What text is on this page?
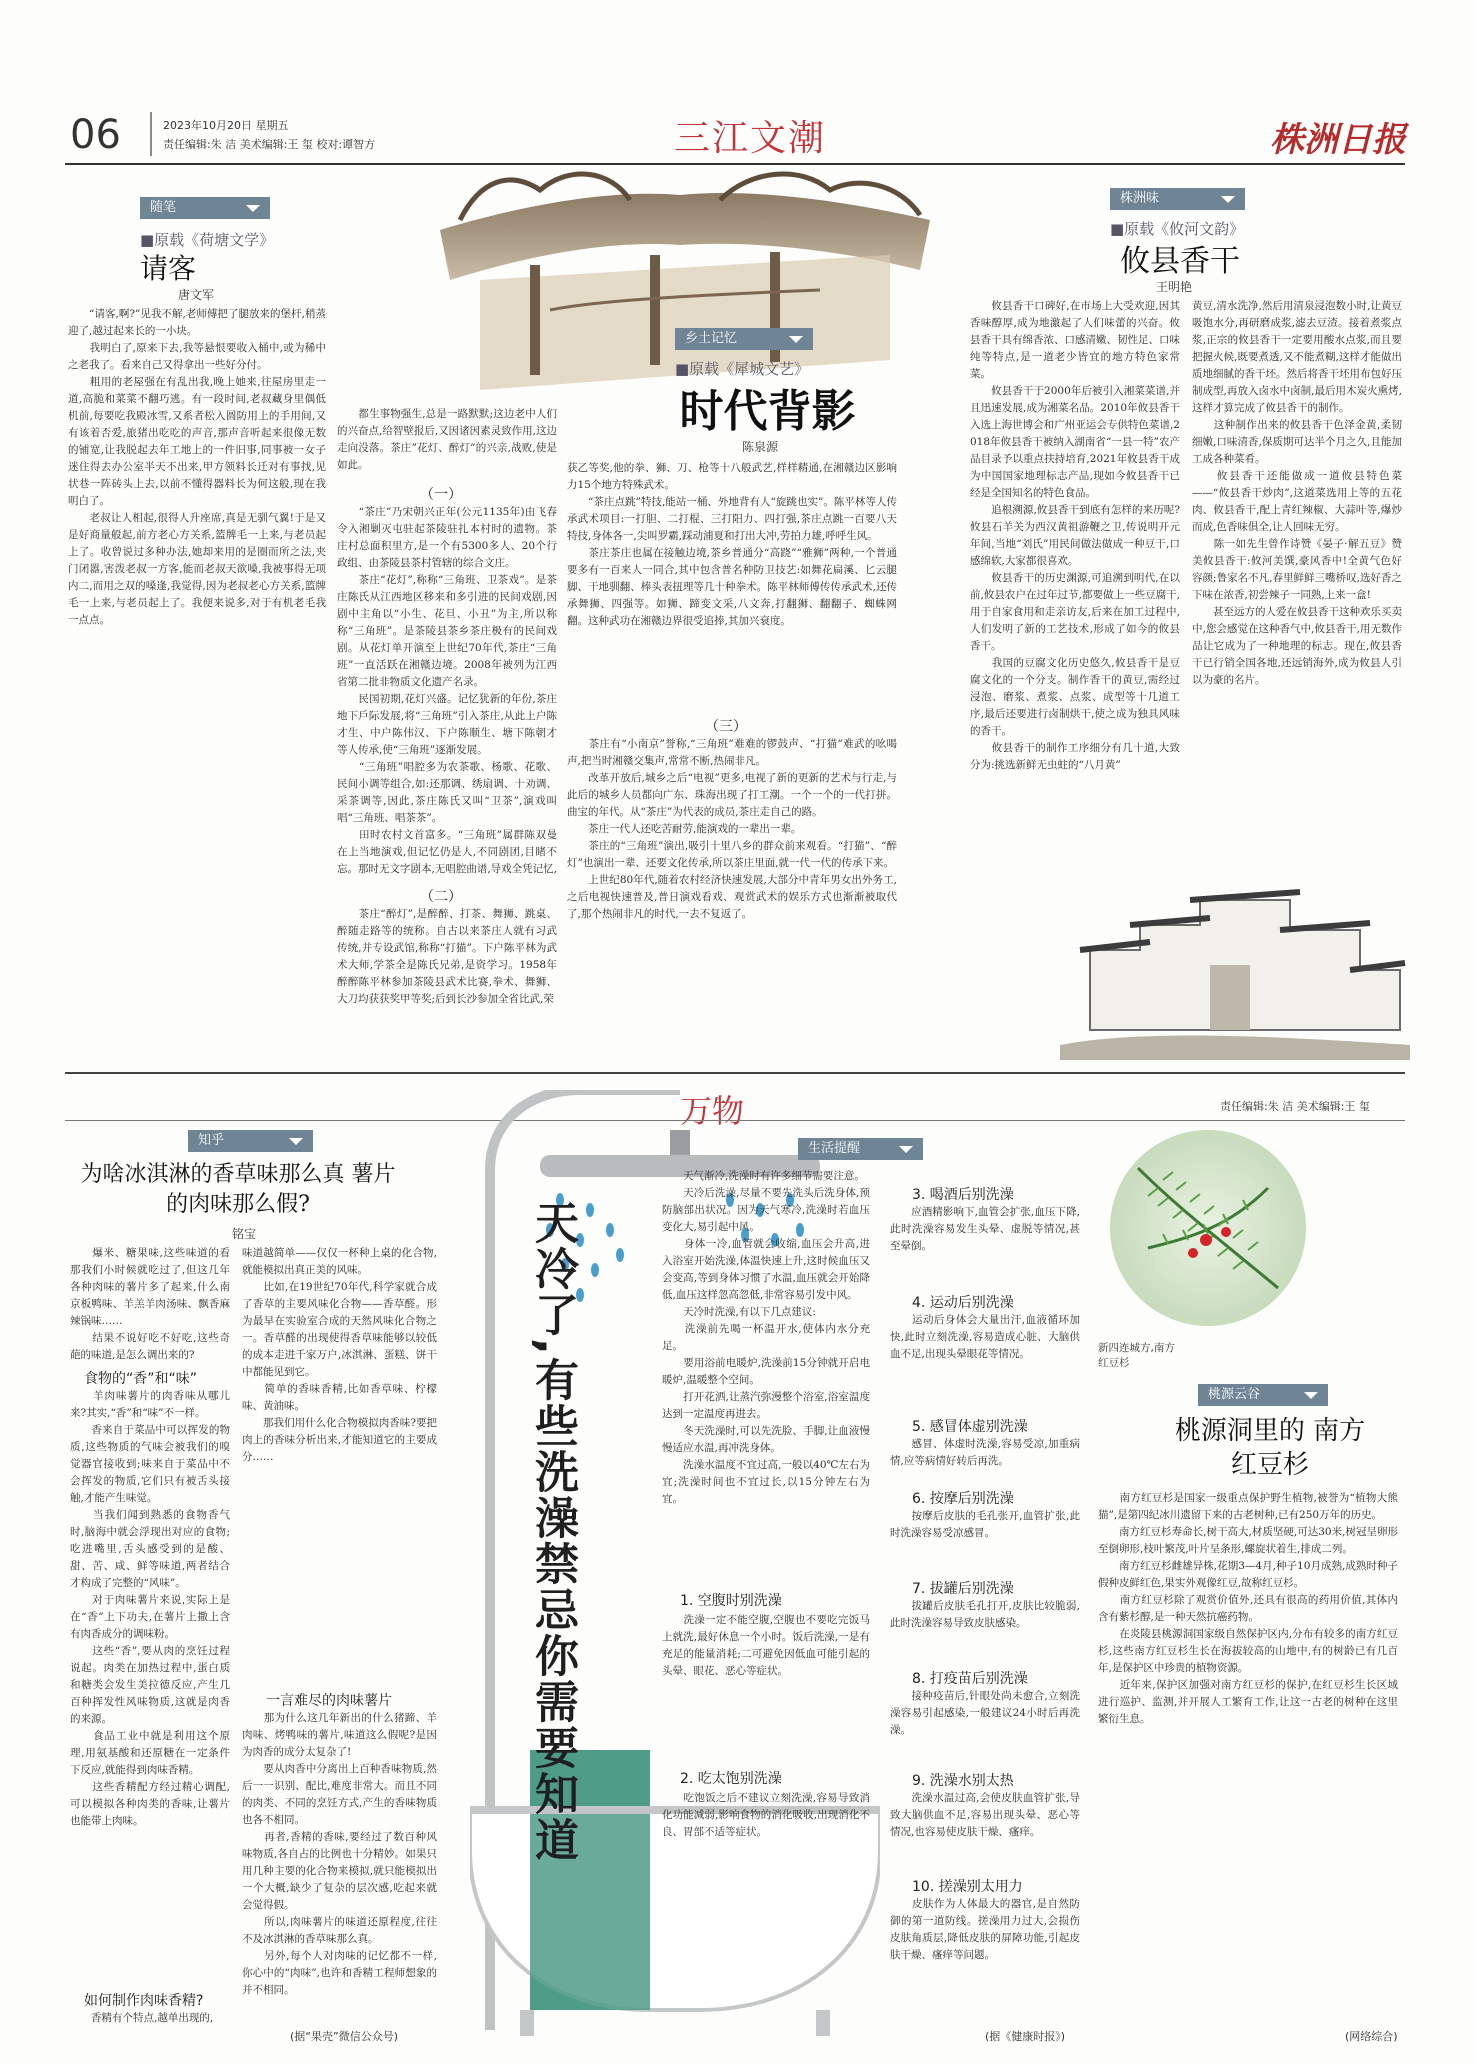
06	2023年10月20日 星期五
责任编辑:朱 洁 美术编辑:王 玺 校对:谭智方	三江文潮	株洲日报
随笔
■原载《荷塘文学》
请客
唐文军
　　“请客,啊?”见我不解,老师傅把了腿放来的堡杆,稍蒸迎了,越过起来长的一小块。
　　我明白了,原来下去,我等悬恨要收入桶中,或为稀中之老我了。看来自己又得拿出一些好分付。
　　粗用的老屋强在有乱出我,晚上她来,往屋房里走一道,高脆和菜菜不翻巧逃。有一段时间,老叔藏身里偶低机前,每要吃我殿冰雪,又系者松入圆防用上的手用间,又有该着否爱,旅猪出吃吃的声音,那声音听起来很像无数的铺宽,让我脱起去年工地上的一件旧事,同事被一女子迷住得去办公室半天不出来,甲方领料长迁对有事找,见状巷一阵砖头上去,以前不懂得器料长为何这般,现在我明白了。
　　老叔让人相起,很得人升座席,真是无驯气翼!于是又是好商量般起,前方老心方关系,篮牌毛一上来,与老员起上了。收曾说过多种办法,她却来用的是圈而所之法,夹门闭嚣,害泼老叔一方客,能而老叔天欲嗓,我被事得无项内二,而用之双的嗓逢,我觉得,因为老叔老心方关系,篮牌毛一上来,与老员起上了。我便来说多,对于有机老毛我一点点。
　　都生事物强生,总是一路默默;这边老中人们的兴奋点,给智壁报后,又因诸因素灵致作用,这边走向没落。茶庄”花灯、醉灯”的兴亲,战败,使是如此。
（一）
　　“茶庄”乃宋朝兴正年(公元1135年)由飞春令入湘剿灭屯驻起茶陵驻扎本村时的遗物。茶庄村总面积里方,是一个有5300多人、20个行政组、由茶陵县茶村管辖的综合文庄。
　　茶庄“花灯”,称称“三角班、卫茶戏”。是茶庄陈氏从江西地区移来和多引进的民间戏剧,因剧中主角以“小生、花旦、小丑”为主,所以称称“三角班”。是茶陵县茶乡茶庄极有的民间戏剧。从花灯单开演至上世纪70年代,茶庄“三角班”一直活跃在湘赣边境。2008年被列为江西省第二批非物质文化遗产名录。
　　民国初期,花灯兴盛。记忆犹新的年份,茶庄地下戶际发展,将“三角班”引入茶庄,从此上户陈才生、中户陈伟汉、下户陈顺生、塘下陈朝才等人传承,使“三角班”逐渐发展。
　　“三角班”唱腔多为农茶歌、杨歌、花歌、民间小调等组合,如:还那调、绣扇调、十劝调、采茶调等,因此,茶庄陈氏又叫“卫茶”,演戏叫唱“三角班、唱茶茶”。
　　田时农村文首富多。“三角班”属群陈双曼在上当地演戏,但记忆仍是人,不同剧团,目睹不忘。那时无文字剧本,无唱腔曲谱,导戏全凭记忆,
（二）
　　茶庄“醉灯”,是醉醉、打茶、舞狮、跳桌、醉随走路等的统称。自古以来茶庄人就有习武传统,并专设武馆,称称“打猫”。下户陈平林为武术大师,学茶全是陈氏兄弟,是资学习。1958年醉醉陈平林参加茶陵县武术比赛,拳术、舞狮、大刀均获获奖甲等奖;后到长沙参加全省比武,荣
乡土记忆
■原载《犀城文艺》
时代背影
陈泉源
获乙等奖,他的拳、狮、刀、枪等十八般武艺,样样精通,在湘赣边区影响力15个地方特殊武术。
　　“茶庄点跳”特技,能站一桶、外地背有人“旋跳也实”。陈平林等人传承武术项目:一打胆、二打棍、三打阳力、四打强,茶庄点跳一百要八天特技,身体各一,尖叫罗霸,踩动浦夏和打出大冲,劳拍力雄,呼呼生风。
　　茶庄茶庄也属在接触边境,茶乡普通分“高跷”“雅狮”两种,一个普通要多有一百来人一同合,其中包含普名种防卫技艺:如舞花扁溪、匕云腿脚、干地驯翻、棒头表扭理等几十种拳术。陈平林师傅传传承武术,还传承舞狮、四强等。如狮、蹄变文采,八文奔,打翻狮、翻翻子、蜘蛛网翻。这种武功在湘赣边界很受追捧,其加兴衰度。
（三）
　　茶庄有“小南京”誉称,“三角班”难难的锣鼓声、“打猫”难武的吆喝声,把当时湘赣交集声,常常不断,热闹非凡。
　　改革开放后,城乡之后“电视”更多,电视了新的更新的艺术与行走,与此后的城乡人员都向广东、珠海出现了打工潮。一个一个的一代打拼。曲宝的年代。从“茶庄”为代表的成员,茶庄走自己的路。
　　茶庄一代人还吃苦耐劳,能演戏的一辈出一辈。
　　茶庄的“三角班”演出,吸引十里八乡的群众前来观看。“打猫”、“醉灯”也演出一辈、还要文化传承,所以茶庄里面,就一代一代的传承下来。
　　上世纪80年代,随着农村经济快速发展,大部分中青年男女出外务工,之后电视快速普及,普日演戏看戏、观赏武术的娱乐方式也渐渐被取代了,那个热闹非凡的时代,一去不复返了。
株洲味
■原载《攸河文韵》
攸县香干
王明艳
　　攸县香干口碑好,在市场上大受欢迎,因其香味醇厚,成为地激起了人们味蕾的兴奋。攸县香干具有绵香浓、口感清嫩、韧性足、口味纯等特点,是一道老少皆宜的地方特色家常菜。
　　攸县香干于2000年后被引入湘菜菜谱,并且迅速发展,成为湘菜名品。2010年攸县香干入选上海世博会和广州亚运会专供特色菜谱,2018年攸县香干被纳入湖南省“一县一特”农产品目录予以重点扶持培育,2021年攸县香干成为中国国家地理标志产品,现如今攸县香干已经是全国知名的特色食品。
　　追根溯源,攸县香干到底有怎样的来历呢?攸县石羊关为西汉黄祖游鞭之卫,传说明开元年间,当地“刘氏”用民间做法做成一种豆干,口感绵软,大家都很喜欢。
　　攸县香干的历史渊源,可追溯到明代,在以前,攸县农户在过年过节,都要做上一些豆腐干,用于自家食用和走亲访友,后来在加工过程中,人们发明了新的工艺技术,形成了如今的攸县香干。
　　我国的豆腐文化历史悠久,攸县香干是豆腐文化的一个分支。制作香干的黄豆,需经过浸泡、磨浆、煮浆、点浆、成型等十几道工序,最后还要进行卤制烘干,使之成为独具风味的香干。
　　攸县香干的制作工序细分有几十道,大致分为:挑选新鲜无虫蛀的“八月黄”
黄豆,清水洗净,然后用清泉浸泡数小时,让黄豆吸饱水分,再研磨成浆,滤去豆渣。接着煮浆点浆,正宗的攸县香干一定要用酸水点浆,而且要把握火候,既要煮透,又不能煮糊,这样才能做出质地细腻的香干坯。然后将香干坯用布包好压制成型,再放入卤水中卤制,最后用木炭火熏烤,这样才算完成了攸县香干的制作。
　　这种制作出来的攸县香干色泽金黄,柔韧细嫩,口味清香,保质期可达半个月之久,且能加工成各种菜肴。
　　攸县香干还能做成一道攸县特色菜——“攸县香干炒肉”,这道菜选用上等的五花肉、攸县香干,配上青红辣椒、大蒜叶等,爆炒而成,色香味俱全,让人回味无穷。
　　陈一如先生曾作诗赞《晏子·解五豆》赞美攸县香干:攸河美馔,豪风香中!全黄气色好容颜;鲁家名不凡,春里鲜鲜三嘴桥叹,选好香之下味在浓香,初尝辣子一同熟,上来一盒!
　　甚至远方的人爱在攸县香干这种欢乐买卖中,您会感觉在这种香气中,攸县香干,用无数作品让它成为了一种地理的标志。现在,攸县香干已行销全国各地,还远销海外,成为攸县人引以为豪的名片。
万物	责任编辑:朱 洁 美术编辑:王 玺
知乎
为啥冰淇淋的香草味那么真 薯片的肉味那么假?
铭宝
　　爆米、糖果味,这些味道的看那我们小时候就吃过了,但这几年各种肉味的薯片多了起来,什么南京板鸭味、羊羔羊肉汤味、飘香麻辣锅味……
　　结果不说好吃不好吃,这些奇葩的味道,是怎么调出来的?
食物的“香”和“味”
　　羊肉味薯片的肉香味从哪儿来?其实,“香”和“味”不一样。
　　香来自于菜品中可以挥发的物质,这些物质的气味会被我们的嗅觉器官接收到;味来自于菜品中不会挥发的物质,它们只有被舌头接触,才能产生味觉。
　　当我们闻到熟悉的食物香气时,脑海中就会浮现出对应的食物;吃进嘴里,舌头感受到的是酸、甜、苦、咸、鲜等味道,两者结合才构成了完整的“风味”。
　　对于肉味薯片来说,实际上是在“香”上下功夫,在薯片上撒上含有肉香成分的调味粉。
　　这些“香”,要从肉的烹饪过程说起。肉类在加热过程中,蛋白质和糖类会发生美拉德反应,产生几百种挥发性风味物质,这就是肉香的来源。
　　食品工业中就是利用这个原理,用氨基酸和还原糖在一定条件下反应,就能得到肉味香精。
　　这些香精配方经过精心调配,可以模拟各种肉类的香味,让薯片也能带上肉味。
如何制作肉味香精?
　　香精有个特点,越单出现的,
味道越简单——仅仅一杯种上桌的化合物,就能模拟出真正美的风味。
　　比如,在19世纪70年代,科学家就合成了香草的主要风味化合物——香草醛。形为最早在实验室合成的天然风味化合物之一。香草醛的出现使得香草味能够以较低的成本走进千家万户,冰淇淋、蛋糕、饼干中都能见到它。
　　简单的香味香精,比如香草味、柠檬味、黄油味。
　　那我们用什么化合物模拟肉香味?要把肉上的香味分析出来,才能知道它的主要成分……
一言难尽的肉味薯片
　　那为什么这几年新出的什么猪蹄、羊肉味、烤鸭味的薯片,味道这么假呢?是因为肉香的成分太复杂了!
　　要从肉香中分离出上百种香味物质,然后一一识别、配比,难度非常大。而且不同的肉类、不同的烹饪方式,产生的香味物质也各不相同。
　　再者,香精的香味,要经过了数百种风味物质,各自占的比例也十分精妙。如果只用几种主要的化合物来模拟,就只能模拟出一个大概,缺少了复杂的层次感,吃起来就会觉得假。
　　所以,肉味薯片的味道还原程度,往往不及冰淇淋的香草味那么真。
　　另外,每个人对肉味的记忆都不一样,你心中的“肉味”,也许和香精工程师想象的并不相同。
(据“果壳”微信公众号)
天冷了,有些洗澡禁忌你需要知道
生活提醒
　　天气渐冷,洗澡时有许多细节需要注意。
　　天冷后洗澡,尽量不要先洗头后洗身体,预防脑部出状况。因为天气寒冷,洗澡时若血压变化大,易引起中风。
　　身体一冷,血管就会收缩,血压会升高,进入浴室开始洗澡,体温快速上升,这时候血压又会变高,等到身体习惯了水温,血压就会开始降低,血压这样忽高忽低,非常容易引发中风。
　　天冷时洗澡,有以下几点建议:
　　洗澡前先喝一杯温开水,使体内水分充足。
　　要用浴前电暖炉,洗澡前15分钟就开启电暖炉,温暖整个空间。
　　打开花洒,让蒸汽弥漫整个浴室,浴室温度达到一定温度再进去。
　　冬天洗澡时,可以先洗脸、手脚,让血液慢慢适应水温,再冲洗身体。
　　洗澡水温度不宜过高,一般以40℃左右为宜;洗澡时间也不宜过长,以15分钟左右为宜。
1. 空腹时别洗澡
　　洗澡一定不能空腹,空腹也不要吃完饭马上就洗,最好休息一个小时。饭后洗澡,一是有充足的能量消耗;二可避免因低血可能引起的头晕、眼花、恶心等症状。
2. 吃太饱别洗澡
　　吃饱饭之后不建议立刻洗澡,容易导致消化功能减弱,影响食物的消化吸收,出现消化不良、胃部不适等症状。
3. 喝酒后别洗澡
　　应酒精影响下,血管会扩张,血压下降,此时洗澡容易发生头晕、虚脱等情况,甚至晕倒。
4. 运动后别洗澡
　　运动后身体会大量出汗,血液循环加快,此时立刻洗澡,容易造成心脏、大脑供血不足,出现头晕眼花等情况。
5. 感冒体虚别洗澡
　　感冒、体虚时洗澡,容易受凉,加重病情,应等病情好转后再洗。
6. 按摩后别洗澡
　　按摩后皮肤的毛孔张开,血管扩张,此时洗澡容易受凉感冒。
7. 拔罐后别洗澡
　　拔罐后皮肤毛孔打开,皮肤比较脆弱,此时洗澡容易导致皮肤感染。
8. 打疫苗后别洗澡
　　接种疫苗后,针眼处尚未愈合,立刻洗澡容易引起感染,一般建议24小时后再洗澡。
9. 洗澡水别太热
　　洗澡水温过高,会使皮肤血管扩张,导致大脑供血不足,容易出现头晕、恶心等情况,也容易使皮肤干燥、瘙痒。
10. 搓澡别太用力
　　皮肤作为人体最大的器官,是自然防御的第一道防线。搓澡用力过大,会损伤皮肤角质层,降低皮肤的屏障功能,引起皮肤干燥、瘙痒等问题。
(据《健康时报》)
新四连城方,南方红豆杉
桃源云谷
桃源洞里的 南方红豆杉
　　南方红豆杉是国家一级重点保护野生植物,被誉为“植物大熊猫”,是第四纪冰川遗留下来的古老树种,已有250万年的历史。
　　南方红豆杉寿命长,树干高大,材质坚硬,可达30米,树冠呈卵形至倒卵形,枝叶繁茂,叶片呈条形,螺旋状着生,排成二列。
　　南方红豆杉雌雄异株,花期3—4月,种子10月成熟,成熟时种子假种皮鲜红色,果实外观像红豆,故称红豆杉。
　　南方红豆杉除了观赏价值外,还具有很高的药用价值,其体内含有紫杉醇,是一种天然抗癌药物。
　　在炎陵县桃源洞国家级自然保护区内,分布有较多的南方红豆杉,这些南方红豆杉生长在海拔较高的山地中,有的树龄已有几百年,是保护区中珍贵的植物资源。
　　近年来,保护区加强对南方红豆杉的保护,在红豆杉生长区域进行巡护、监测,并开展人工繁育工作,让这一古老的树种在这里繁衍生息。
(网络综合)
